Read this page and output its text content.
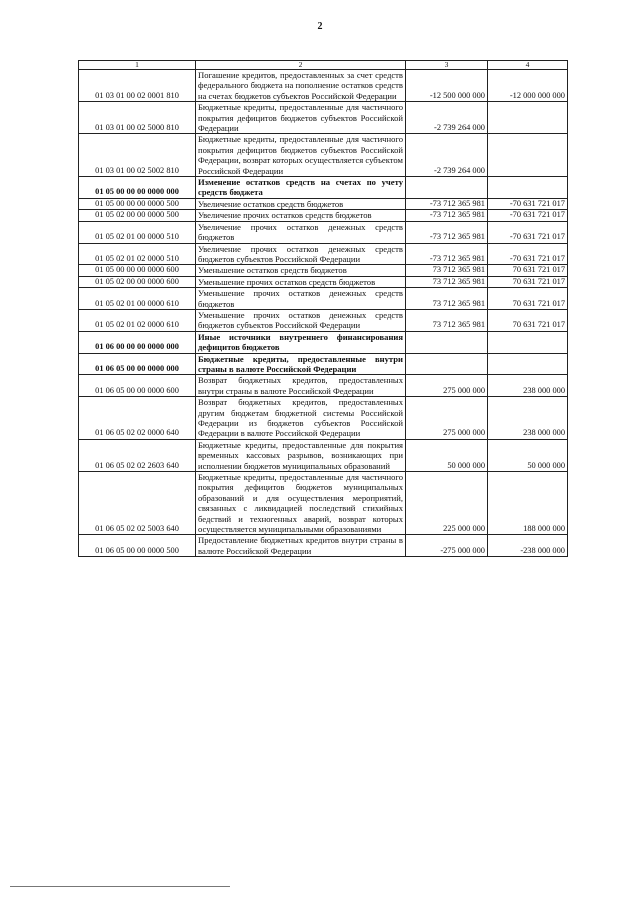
2
1	2	3	4
01 03 01 00 02 0001 810	Погашение кредитов, предоставленных за счет средств федерального бюджета на пополнение остатков средств на счетах бюджетов субъектов Российской Федерации	-12 500 000 000	-12 000 000 000
01 03 01 00 02 5000 810	Бюджетные кредиты, предоставленные для частичного покрытия дефицитов бюджетов субъектов Российской Федерации	-2 739 264 000	
01 03 01 00 02 5002 810	Бюджетные кредиты, предоставленные для частичного покрытия дефицитов бюджетов субъектов Российской Федерации, возврат которых осуществляется субъектом Российской Федерации	-2 739 264 000	
01 05 00 00 00 0000 000	Изменение остатков средств на счетах по учету средств бюджета		
01 05 00 00 00 0000 500	Увеличение остатков средств бюджетов	-73 712 365 981	-70 631 721 017
01 05 02 00 00 0000 500	Увеличение прочих остатков средств бюджетов	-73 712 365 981	-70 631 721 017
01 05 02 01 00 0000 510	Увеличение прочих остатков денежных средств бюджетов	-73 712 365 981	-70 631 721 017
01 05 02 01 02 0000 510	Увеличение прочих остатков денежных средств бюджетов субъектов Российской Федерации	-73 712 365 981	-70 631 721 017
01 05 00 00 00 0000 600	Уменьшение остатков средств бюджетов	73 712 365 981	70 631 721 017
01 05 02 00 00 0000 600	Уменьшение прочих остатков средств бюджетов	73 712 365 981	70 631 721 017
01 05 02 01 00 0000 610	Уменьшение прочих остатков денежных средств бюджетов	73 712 365 981	70 631 721 017
01 05 02 01 02 0000 610	Уменьшение прочих остатков денежных средств бюджетов субъектов Российской Федерации	73 712 365 981	70 631 721 017
01 06 00 00 00 0000 000	Иные источники внутреннего финансирования дефицитов бюджетов		
01 06 05 00 00 0000 000	Бюджетные кредиты, предоставленные внутри страны в валюте Российской Федерации		
01 06 05 00 00 0000 600	Возврат бюджетных кредитов, предоставленных внутри страны в валюте Российской Федерации	275 000 000	238 000 000
01 06 05 02 02 0000 640	Возврат бюджетных кредитов, предоставленных другим бюджетам бюджетной системы Российской Федерации из бюджетов субъектов Российской Федерации в валюте Российской Федерации	275 000 000	238 000 000
01 06 05 02 02 2603 640	Бюджетные кредиты, предоставленные для покрытия временных кассовых разрывов, возникающих при исполнении бюджетов муниципальных образований	50 000 000	50 000 000
01 06 05 02 02 5003 640	Бюджетные кредиты, предоставленные для частичного покрытия дефицитов бюджетов муниципальных образований и для осуществления мероприятий, связанных с ликвидацией последствий стихийных бедствий и техногенных аварий, возврат которых осуществляется муниципальными образованиями	225 000 000	188 000 000
01 06 05 00 00 0000 500	Предоставление бюджетных кредитов внутри страны в валюте Российской Федерации	-275 000 000	-238 000 000
